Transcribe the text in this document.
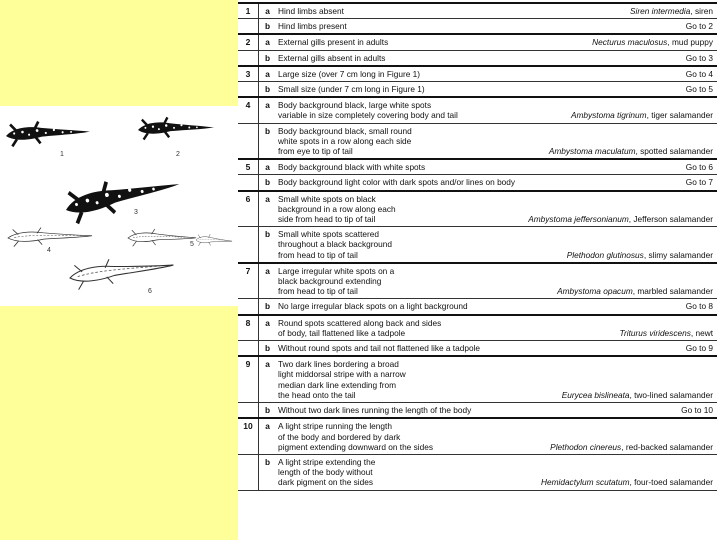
1	2
3
4
5
6
1	a Hind limbs absent	Siren intermedia, siren
b Hind limbs present	Go to 2
2	a External gills present in adults	Necturus maculosus, mud puppy
b External gills absent in adults	Go to 3
3	a Large size (over 7 cm long in Figure 1)	Go to 4
b Small size (under 7 cm long in Figure 1)	Go to 5
4	a Body background black, large white spots
variable in size completely covering body and tail	Ambystoma tigrinum, tiger salamander
b Body background black, small round
white spots in a row along each side
from eye to tip of tail	Ambystoma maculatum, spotted salamander
5	a Body background black with white spots	Go to 6
b Body background light color with dark spots and/or lines on body	Go to 7
6	a Small white spots on black
background in a row along each
side from head to tip of tail	Ambystoma jeffersonianum, Jefferson salamander
b Small white spots scattered
throughout a black background
from head to tip of tail	Plethodon glutinosus, slimy salamander
7	a Large irregular white spots on a
black background extending
from head to tip of tail	Ambystoma opacum, marbled salamander
b No large irregular black spots on a light background	Go to 8
8	a Round spots scattered along back and sides
of body, tail flattened like a tadpole	Triturus viridescens, newt
b Without round spots and tail not flattened like a tadpole	Go to 9
9	a Two dark lines bordering a broad
light middorsal stripe with a narrow
median dark line extending from
the head onto the tail	Eurycea bislineata, two-lined salamander
b Without two dark lines running the length of the body	Go to 10
10	a A light stripe running the length
of the body and bordered by dark
pigment extending downward on the sides	Plethodon cinereus, red-backed salamander
b A light stripe extending the
length of the body without
dark pigment on the sides	Hemidactylum scutatum, four-toed salamander
